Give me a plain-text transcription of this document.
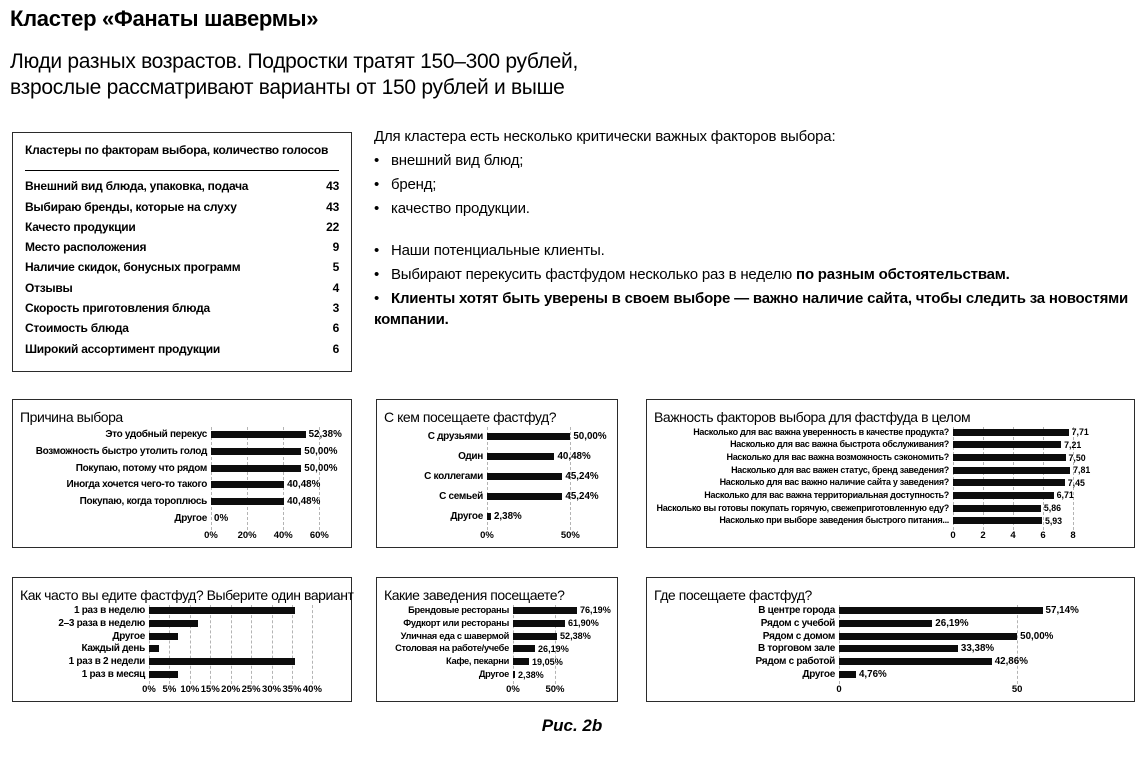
Кластер «Фанаты шавермы»

Люди разных возрастов. Подростки тратят 150–300 рублей,
взрослые рассматривают варианты от 150 рублей и выше

Кластеры по факторам выбора, количество голосов
Внешний вид блюда, упаковка, подача	43
Выбираю бренды, которые на слуху	43
Качесто продукции	22
Место расположения	9
Наличие скидок, бонусных программ	5
Отзывы	4
Скорость приготовления блюда	3
Стоимость блюда	6
Широкий ассортимент продукции	6

Для кластера есть несколько критически важных факторов выбора:

• внешний вид блюд;
• бренд;
• качество продукции.
• Наши потенциальные клиенты.
• Выбирают перекусить фастфудом несколько раз в неделю по разным обстоятельствам.
• Клиенты хотят быть уверены в своем выборе — важно наличие сайта, чтобы следить за новостями компании.
Причина выбора
Это удобный перекус	52,38%
Возможность быстро утолить голод	50,00%
Покупаю, потому что рядом	50,00%
Иногда хочется чего-то такого	40,48%
Покупаю, когда тороплюсь	40,48%
Другое 0%
0% 20% 40% 60%
С кем посещаете фастфуд?
С друзьями	50,00%
Один	40,48%
С коллегами	45,24%
С семьей	45,24%
Другое	2,38%
0%	50%
Важность факторов выбора для фастфуда в целом
Насколько для вас важна уверенность в качестве продукта?	7,71
Насколько для вас важна быстрота обслуживания?	7,21
Насколько для вас важна возможность сэкономить?	7,50
Насколько для вас важен статус, бренд заведения?	7,81
Насколько для вас важно наличие сайта у заведения?	7,45
Насколько для вас важна территориальная доступность?	6,71
Насколько вы готовы покупать горячую, свежеприготовленную еду?	5,86
Насколько при выборе заведения быстрого питания...	5,93
0	2	4	6	8
Как часто вы едите фастфуд? Выберите один вариант
1 раз в неделю
2–3 раза в неделю
Другое
Каждый день
1 раз в 2 недели
1 раз в месяц
0% 5% 10% 15% 20% 25% 30% 35% 40%
Какие заведения посещаете?
Брендовые рестораны	76,19%
Фудкорт или рестораны	61,90%
Уличная еда с шавермой	52,38%
Столовая на работе/учебе	26,19%
Кафе, пекарни	19,05%
Другое 2,38%
0%	50%
Где посещаете фастфуд?
В центре города	57,14%
Рядом с учебой	26,19%
Рядом с домом	50,00%
В торговом зале	33,38%
Рядом с работой	42,86%
Другое	4,76%
0	50
Рис. 2b
